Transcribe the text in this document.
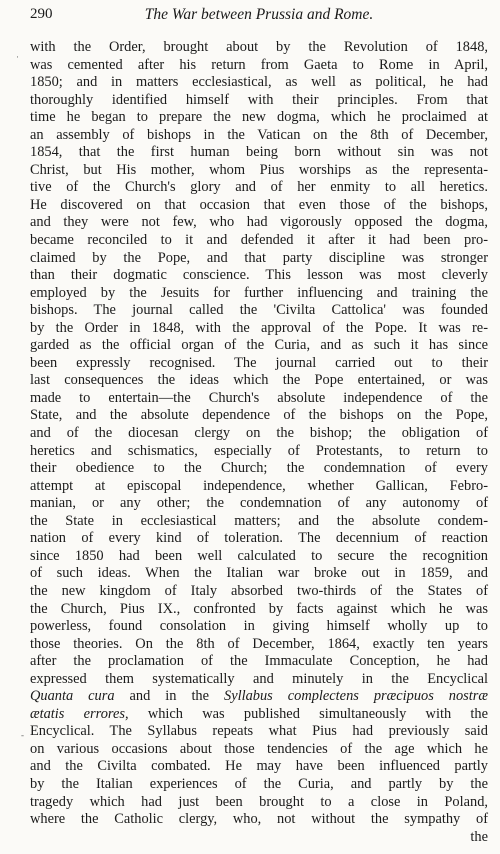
290	The War between Prussia and Rome.
·
-
with the Order, brought about by the Revolution of 1848,
was cemented after his return from Gaeta to Rome in April,
1850; and in matters ecclesiastical, as well as political, he had
thoroughly identified himself with their principles. From that
time he began to prepare the new dogma, which he proclaimed at
an assembly of bishops in the Vatican on the 8th of December,
1854, that the first human being born without sin was not
Christ, but His mother, whom Pius worships as the representa-
tive of the Church's glory and of her enmity to all heretics.
He discovered on that occasion that even those of the bishops,
and they were not few, who had vigorously opposed the dogma,
became reconciled to it and defended it after it had been pro-
claimed by the Pope, and that party discipline was stronger
than their dogmatic conscience. This lesson was most cleverly
employed by the Jesuits for further influencing and training the
bishops. The journal called the 'Civilta Cattolica' was founded
by the Order in 1848, with the approval of the Pope. It was re-
garded as the official organ of the Curia, and as such it has since
been expressly recognised. The journal carried out to their
last consequences the ideas which the Pope entertained, or was
made to entertain—the Church's absolute independence of the
State, and the absolute dependence of the bishops on the Pope,
and of the diocesan clergy on the bishop; the obligation of
heretics and schismatics, especially of Protestants, to return to
their obedience to the Church; the condemnation of every
attempt at episcopal independence, whether Gallican, Febro-
manian, or any other; the condemnation of any autonomy of
the State in ecclesiastical matters; and the absolute condem-
nation of every kind of toleration. The decennium of reaction
since 1850 had been well calculated to secure the recognition
of such ideas. When the Italian war broke out in 1859, and
the new kingdom of Italy absorbed two-thirds of the States of
the Church, Pius IX., confronted by facts against which he was
powerless, found consolation in giving himself wholly up to
those theories. On the 8th of December, 1864, exactly ten years
after the proclamation of the Immaculate Conception, he had
expressed them systematically and minutely in the Encyclical
Quanta cura and in the Syllabus complectens præcipuos nostræ
ætatis errores, which was published simultaneously with the
Encyclical. The Syllabus repeats what Pius had previously said
on various occasions about those tendencies of the age which he
and the Civilta combated. He may have been influenced partly
by the Italian experiences of the Curia, and partly by the
tragedy which had just been brought to a close in Poland,
where the Catholic clergy, who, not without the sympathy of
the
